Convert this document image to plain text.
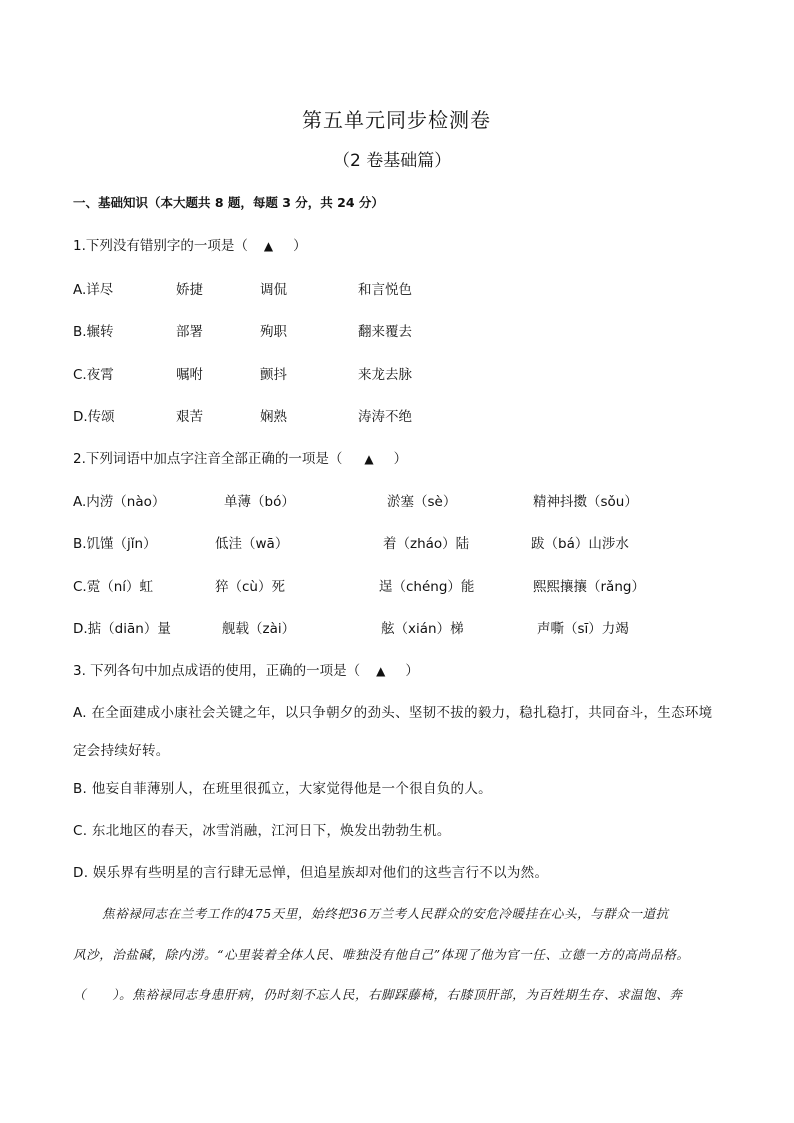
第五单元同步检测卷
（2 卷基础篇）
一、基础知识（本大题共 8 题，每题 3 分，共 24 分）
1.下列没有错别字的一项是（ ▲ ）
A.详尽	娇捷	调侃	和言悦色
B.辗转	部署	殉职	翻来覆去
C.夜霄	嘱咐	颤抖	来龙去脉
D.传颂	艰苦	娴熟	涛涛不绝
2.下列词语中加点字注音全部正确的一项是（ ▲ ）
A.内涝（nào）	单薄（bó）	淤塞（sè）	精神抖擞（sǒu）
B.饥馑（jǐn）	低洼（wā）	着（zháo）陆	跋（bá）山涉水
C.霓（ní）虹	猝（cù）死	逞（chéng）能	熙熙攘攘（rǎng）
D.掂（diān）量	舰载（zài）	舷（xián）梯	声嘶（sī）力竭
3. 下列各句中加点成语的使用，正确的一项是（ ▲ ）
A. 在全面建成小康社会关键之年，以只争朝夕的劲头、坚韧不拔的毅力，稳扎稳打，共同奋斗，生态环境
定会持续好转。
B. 他妄自菲薄别人，在班里很孤立，大家觉得他是一个很自负的人。
C. 东北地区的春天，冰雪消融，江河日下，焕发出勃勃生机。
D. 娱乐界有些明星的言行肆无忌惮，但追星族却对他们的这些言行不以为然。
焦裕禄同志在兰考工作的475天里，始终把36万兰考人民群众的安危冷暖挂在心头，与群众一道抗
风沙，治盐碱，除内涝。“心里装着全体人民、唯独没有他自己”体现了他为官一任、立德一方的高尚品格。
（　　）。焦裕禄同志身患肝病，仍时刻不忘人民，右脚踩藤椅，右膝顶肝部，为百姓期生存、求温饱、奔
